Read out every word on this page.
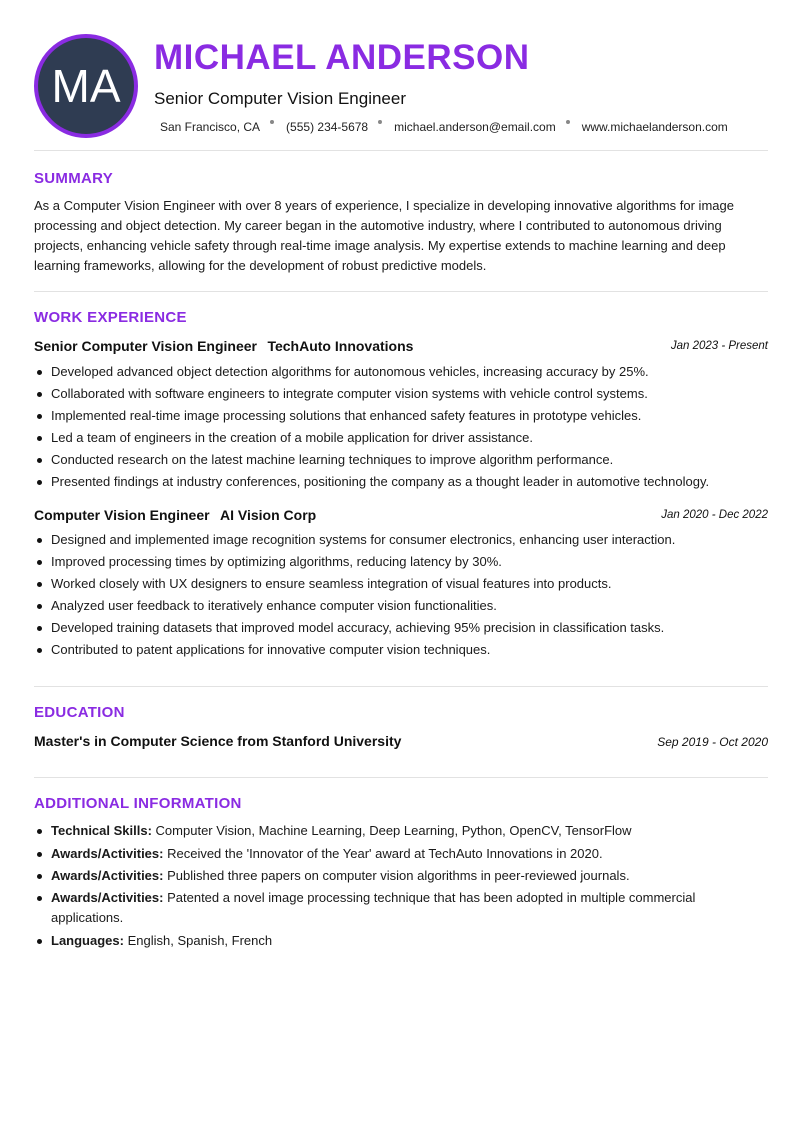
MA
MICHAEL ANDERSON
Senior Computer Vision Engineer
San Francisco, CA (555) 234-5678 michael.anderson@email.com www.michaelanderson.com
SUMMARY
As a Computer Vision Engineer with over 8 years of experience, I specialize in developing innovative algorithms for image processing and object detection. My career began in the automotive industry, where I contributed to autonomous driving projects, enhancing vehicle safety through real-time image analysis. My expertise extends to machine learning and deep learning frameworks, allowing for the development of robust predictive models.
WORK EXPERIENCE
Senior Computer Vision Engineer TechAuto Innovations	Jan 2023 - Present
Developed advanced object detection algorithms for autonomous vehicles, increasing accuracy by 25%.
Collaborated with software engineers to integrate computer vision systems with vehicle control systems.
Implemented real-time image processing solutions that enhanced safety features in prototype vehicles.
Led a team of engineers in the creation of a mobile application for driver assistance.
Conducted research on the latest machine learning techniques to improve algorithm performance.
Presented findings at industry conferences, positioning the company as a thought leader in automotive technology.
Computer Vision Engineer AI Vision Corp	Jan 2020 - Dec 2022
Designed and implemented image recognition systems for consumer electronics, enhancing user interaction.
Improved processing times by optimizing algorithms, reducing latency by 30%.
Worked closely with UX designers to ensure seamless integration of visual features into products.
Analyzed user feedback to iteratively enhance computer vision functionalities.
Developed training datasets that improved model accuracy, achieving 95% precision in classification tasks.
Contributed to patent applications for innovative computer vision techniques.
EDUCATION
Master's in Computer Science from Stanford University	Sep 2019 - Oct 2020
ADDITIONAL INFORMATION
Technical Skills: Computer Vision, Machine Learning, Deep Learning, Python, OpenCV, TensorFlow
Awards/Activities: Received the 'Innovator of the Year' award at TechAuto Innovations in 2020.
Awards/Activities: Published three papers on computer vision algorithms in peer-reviewed journals.
Awards/Activities: Patented a novel image processing technique that has been adopted in multiple commercial applications.
Languages: English, Spanish, French
